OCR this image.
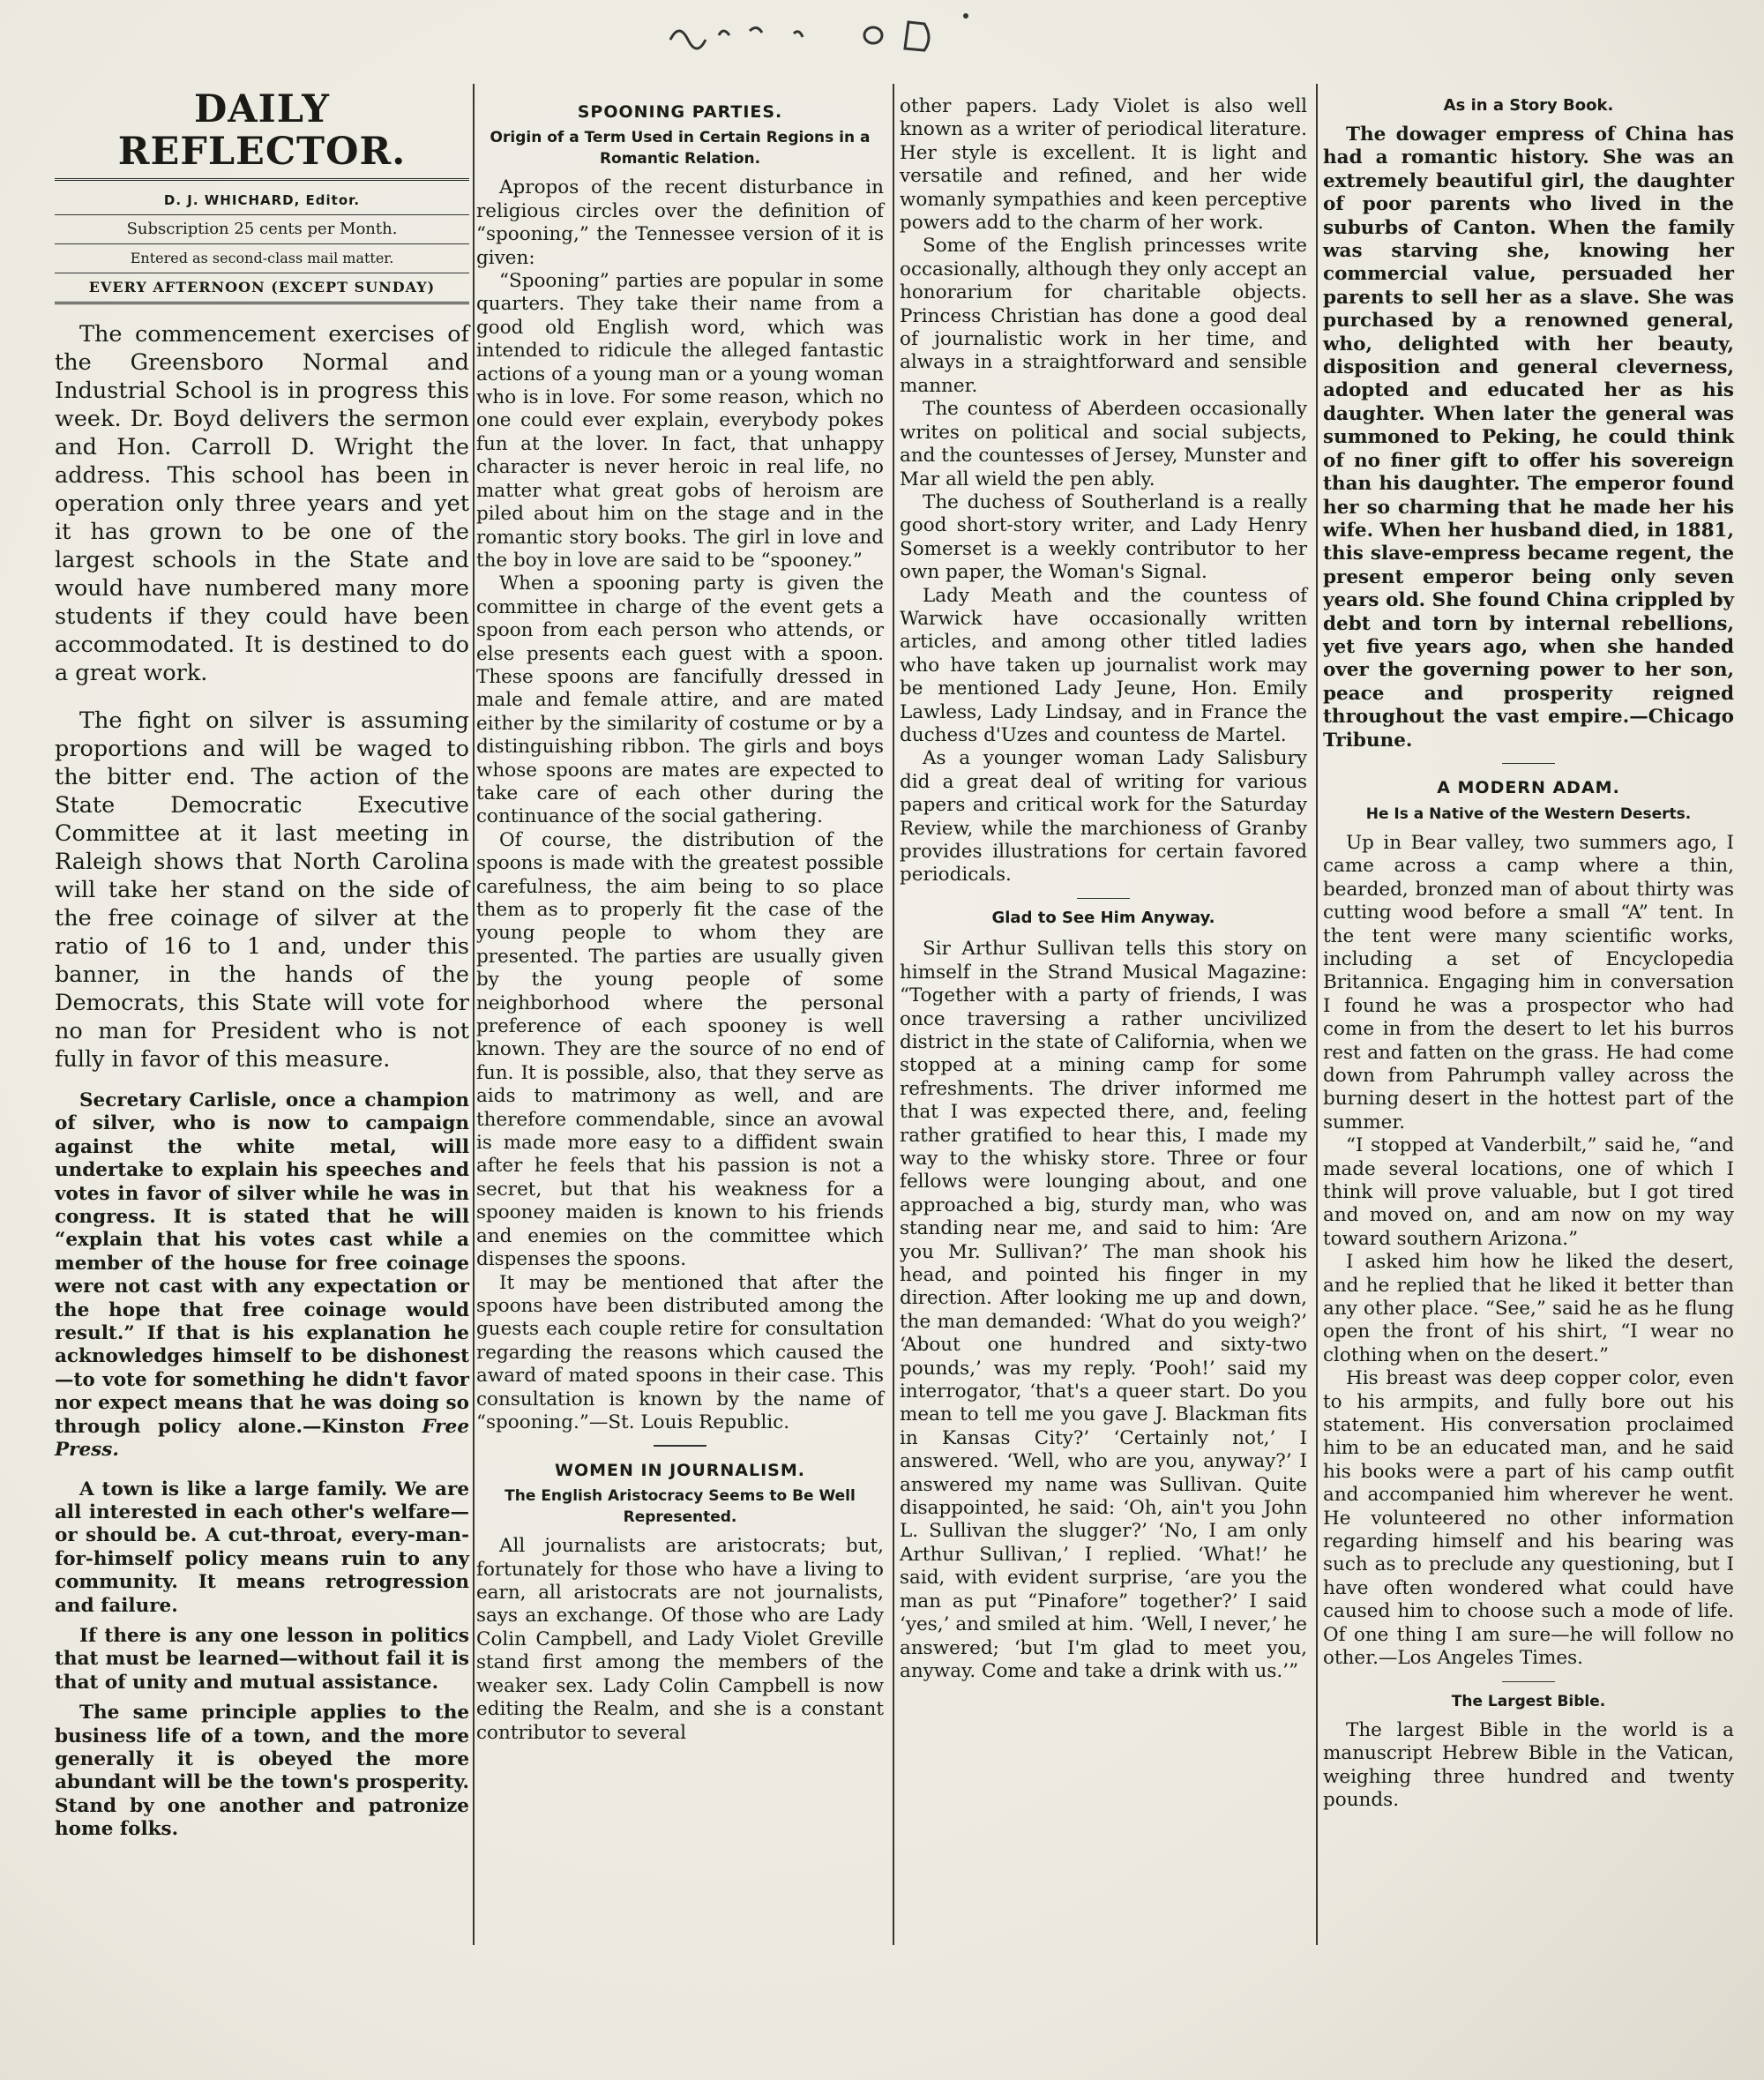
DAILY REFLECTOR.
D. J. WHICHARD, Editor.
Subscription 25 cents per Month.
Entered as second-class mail matter.
EVERY AFTERNOON (EXCEPT SUNDAY)

The commencement exercises of the Greensboro Normal and Industrial School is in progress this week. Dr. Boyd delivers the sermon and Hon. Carroll D. Wright the address. This school has been in operation only three years and yet it has grown to be one of the largest schools in the State and would have numbered many more students if they could have been accommodated. It is destined to do a great work.

The fight on silver is assuming proportions and will be waged to the bitter end. The action of the State Democratic Executive Committee at it last meeting in Raleigh shows that North Carolina will take her stand on the side of the free coinage of silver at the ratio of 16 to 1 and, under this banner, in the hands of the Democrats, this State will vote for no man for President who is not fully in favor of this measure.

Secretary Carlisle, once a champion of silver, who is now to campaign against the white metal, will undertake to explain his speeches and votes in favor of silver while he was in congress. It is stated that he will “explain that his votes cast while a member of the house for free coinage were not cast with any expectation or the hope that free coinage would result.” If that is his explanation he acknowledges himself to be dishonest—to vote for something he didn't favor nor expect means that he was doing so through policy alone.—Kinston Free Press.

A town is like a large family. We are all interested in each other's welfare—or should be. A cut-throat, every-man-for-himself policy means ruin to any community. It means retrogression and failure.

If there is any one lesson in politics that must be learned—without fail it is that of unity and mutual assistance.

The same principle applies to the business life of a town, and the more generally it is obeyed the more abundant will be the town's prosperity. Stand by one another and patronize home folks.

SPOONING PARTIES.
Origin of a Term Used in Certain Regions in a Romantic Relation.

Apropos of the recent disturbance in religious circles over the definition of “spooning,” the Tennessee version of it is given:

“Spooning” parties are popular in some quarters. They take their name from a good old English word, which was intended to ridicule the alleged fantastic actions of a young man or a young woman who is in love. For some reason, which no one could ever explain, everybody pokes fun at the lover. In fact, that unhappy character is never heroic in real life, no matter what great gobs of heroism are piled about him on the stage and in the romantic story books. The girl in love and the boy in love are said to be “spooney.”

When a spooning party is given the committee in charge of the event gets a spoon from each person who attends, or else presents each guest with a spoon. These spoons are fancifully dressed in male and female attire, and are mated either by the similarity of costume or by a distinguishing ribbon. The girls and boys whose spoons are mates are expected to take care of each other during the continuance of the social gathering.

Of course, the distribution of the spoons is made with the greatest possible carefulness, the aim being to so place them as to properly fit the case of the young people to whom they are presented. The parties are usually given by the young people of some neighborhood where the personal preference of each spooney is well known. They are the source of no end of fun. It is possible, also, that they serve as aids to matrimony as well, and are therefore commendable, since an avowal is made more easy to a diffident swain after he feels that his passion is not a secret, but that his weakness for a spooney maiden is known to his friends and enemies on the committee which dispenses the spoons.

It may be mentioned that after the spoons have been distributed among the guests each couple retire for consultation regarding the reasons which caused the award of mated spoons in their case. This consultation is known by the name of “spooning.”—St. Louis Republic.

WOMEN IN JOURNALISM.
The English Aristocracy Seems to Be Well Represented.

All journalists are aristocrats; but, fortunately for those who have a living to earn, all aristocrats are not journalists, says an exchange. Of those who are Lady Colin Campbell, and Lady Violet Greville stand first among the members of the weaker sex. Lady Colin Campbell is now editing the Realm, and she is a constant contributor to several

other papers. Lady Violet is also well known as a writer of periodical literature. Her style is excellent. It is light and versatile and refined, and her wide womanly sympathies and keen perceptive powers add to the charm of her work.

Some of the English princesses write occasionally, although they only accept an honorarium for charitable objects. Princess Christian has done a good deal of journalistic work in her time, and always in a straightforward and sensible manner.

The countess of Aberdeen occasionally writes on political and social subjects, and the countesses of Jersey, Munster and Mar all wield the pen ably.

The duchess of Southerland is a really good short-story writer, and Lady Henry Somerset is a weekly contributor to her own paper, the Woman's Signal.

Lady Meath and the countess of Warwick have occasionally written articles, and among other titled ladies who have taken up journalist work may be mentioned Lady Jeune, Hon. Emily Lawless, Lady Lindsay, and in France the duchess d'Uzes and countess de Martel.

As a younger woman Lady Salisbury did a great deal of writing for various papers and critical work for the Saturday Review, while the marchioness of Granby provides illustrations for certain favored periodicals.

Glad to See Him Anyway.

Sir Arthur Sullivan tells this story on himself in the Strand Musical Magazine: “Together with a party of friends, I was once traversing a rather uncivilized district in the state of California, when we stopped at a mining camp for some refreshments. The driver informed me that I was expected there, and, feeling rather gratified to hear this, I made my way to the whisky store. Three or four fellows were lounging about, and one approached a big, sturdy man, who was standing near me, and said to him: ‘Are you Mr. Sullivan?’ The man shook his head, and pointed his finger in my direction. After looking me up and down, the man demanded: ‘What do you weigh?’ ‘About one hundred and sixty-two pounds,’ was my reply. ‘Pooh!’ said my interrogator, ‘that's a queer start. Do you mean to tell me you gave J. Blackman fits in Kansas City?’ ‘Certainly not,’ I answered. ‘Well, who are you, anyway?’ I answered my name was Sullivan. Quite disappointed, he said: ‘Oh, ain't you John L. Sullivan the slugger?’ ‘No, I am only Arthur Sullivan,’ I replied. ‘What!’ he said, with evident surprise, ‘are you the man as put “Pinafore” together?’ I said ‘yes,’ and smiled at him. ‘Well, I never,’ he answered; ‘but I'm glad to meet you, anyway. Come and take a drink with us.’”

As in a Story Book.

The dowager empress of China has had a romantic history. She was an extremely beautiful girl, the daughter of poor parents who lived in the suburbs of Canton. When the family was starving she, knowing her commercial value, persuaded her parents to sell her as a slave. She was purchased by a renowned general, who, delighted with her beauty, disposition and general cleverness, adopted and educated her as his daughter. When later the general was summoned to Peking, he could think of no finer gift to offer his sovereign than his daughter. The emperor found her so charming that he made her his wife. When her husband died, in 1881, this slave-empress became regent, the present emperor being only seven years old. She found China crippled by debt and torn by internal rebellions, yet five years ago, when she handed over the governing power to her son, peace and prosperity reigned throughout the vast empire.—Chicago Tribune.

A MODERN ADAM.
He Is a Native of the Western Deserts.

Up in Bear valley, two summers ago, I came across a camp where a thin, bearded, bronzed man of about thirty was cutting wood before a small “A” tent. In the tent were many scientific works, including a set of Encyclopedia Britannica. Engaging him in conversation I found he was a prospector who had come in from the desert to let his burros rest and fatten on the grass. He had come down from Pahrumph valley across the burning desert in the hottest part of the summer.

“I stopped at Vanderbilt,” said he, “and made several locations, one of which I think will prove valuable, but I got tired and moved on, and am now on my way toward southern Arizona.”

I asked him how he liked the desert, and he replied that he liked it better than any other place. “See,” said he as he flung open the front of his shirt, “I wear no clothing when on the desert.”

His breast was deep copper color, even to his armpits, and fully bore out his statement. His conversation proclaimed him to be an educated man, and he said his books were a part of his camp outfit and accompanied him wherever he went. He volunteered no other information regarding himself and his bearing was such as to preclude any questioning, but I have often wondered what could have caused him to choose such a mode of life. Of one thing I am sure—he will follow no other.—Los Angeles Times.

The Largest Bible.

The largest Bible in the world is a manuscript Hebrew Bible in the Vatican, weighing three hundred and twenty pounds.
